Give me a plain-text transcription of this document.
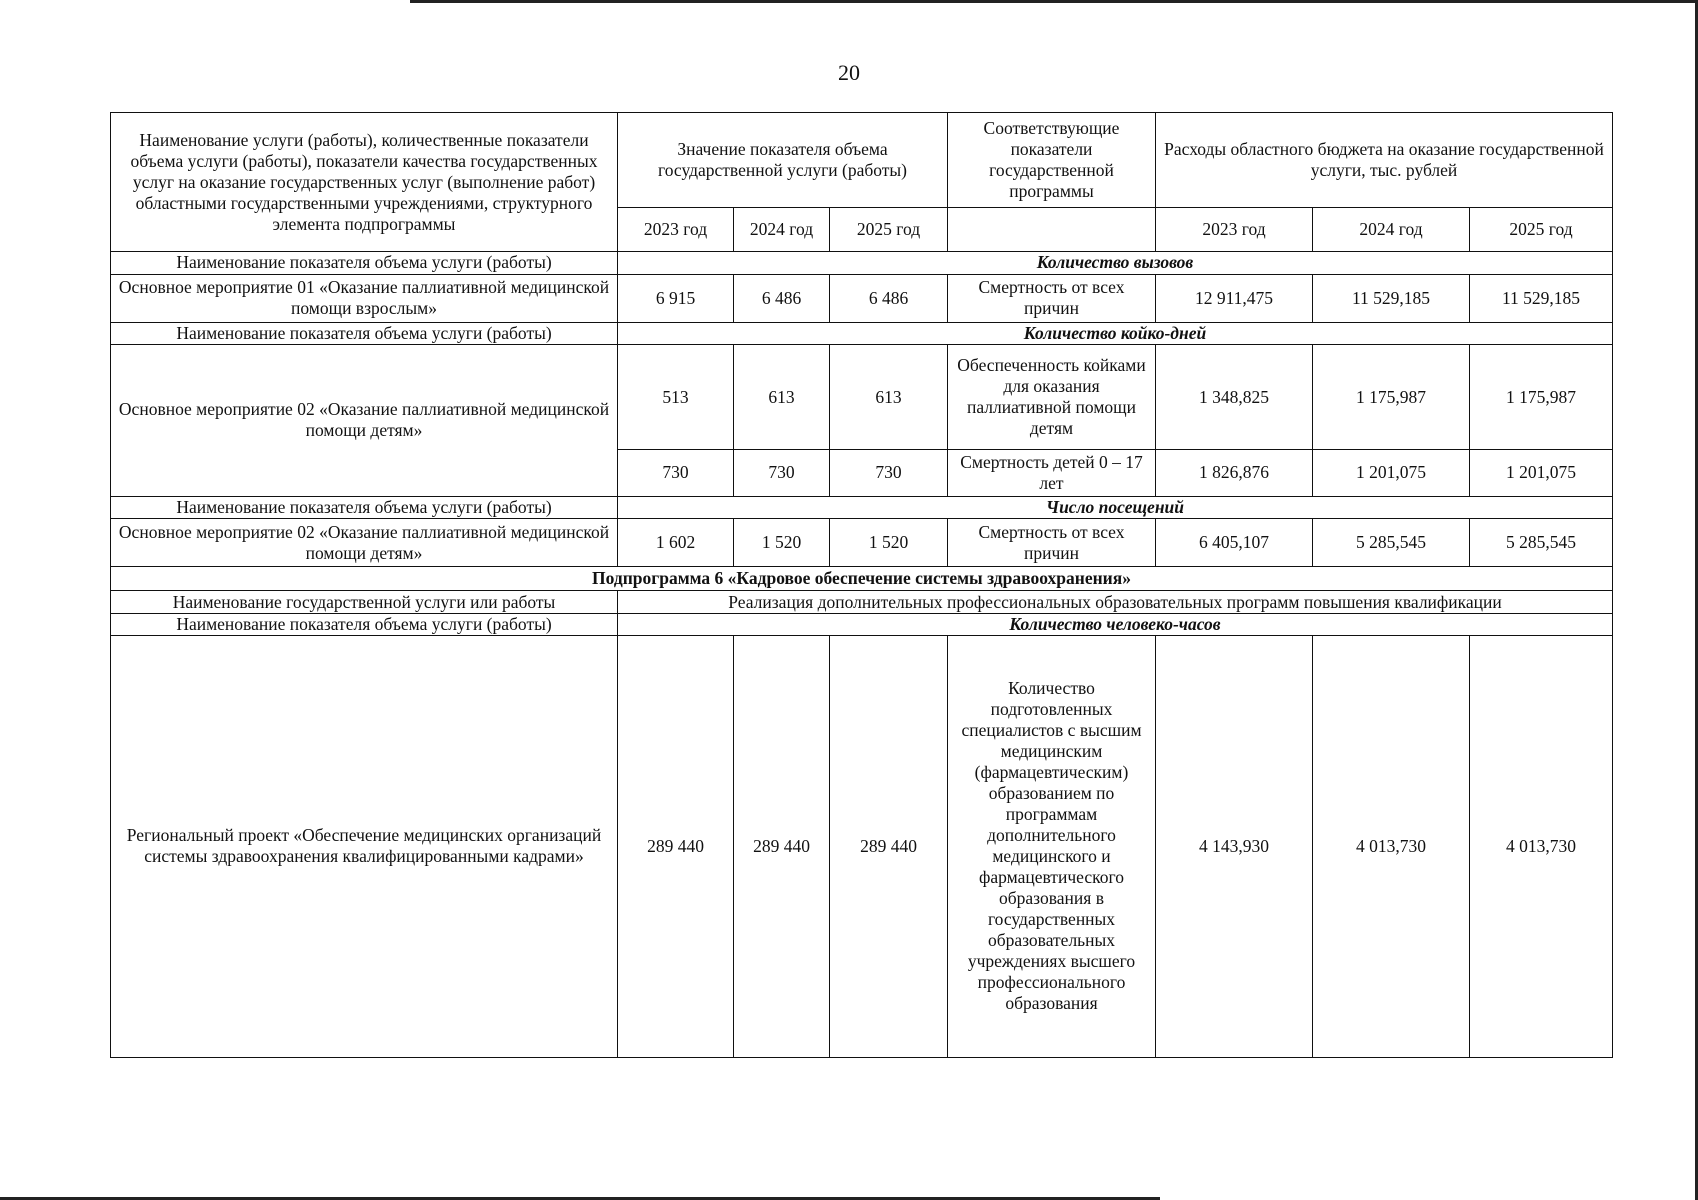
20
Наименование услуги (работы), количественные показатели объема услуги (работы), показатели качества государственных услуг на оказание государственных услуг (выполнение работ) областными государственными учреждениями, структурного элемента подпрограммы	Значение показателя объема государственной услуги (работы)			Соответствующие показатели государственной программы	Расходы областного бюджета на оказание государственной услуги, тыс. рублей		
	2023 год	2024 год	2025 год		2023 год	2024 год	2025 год
Наименование показателя объема услуги (работы)	Количество вызовов						
Основное мероприятие 01 «Оказание паллиативной медицинской помощи взрослым»	6 915	6 486	6 486	Смертность от всех причин	12 911,475	11 529,185	11 529,185
Наименование показателя объема услуги (работы)	Количество койко-дней						
Основное мероприятие 02 «Оказание паллиативной медицинской помощи детям»	513	613	613	Обеспеченность койками для оказания паллиативной помощи детям	1 348,825	1 175,987	1 175,987
	730	730	730	Смертность детей 0 – 17 лет	1 826,876	1 201,075	1 201,075
Наименование показателя объема услуги (работы)	Число посещений						
Основное мероприятие 02 «Оказание паллиативной медицинской помощи детям»	1 602	1 520	1 520	Смертность от всех причин	6 405,107	5 285,545	5 285,545
Подпрограмма 6 «Кадровое обеспечение системы здравоохранения»							
Наименование государственной услуги или работы	Реализация дополнительных профессиональных образовательных программ повышения квалификации						
Наименование показателя объема услуги (работы)	Количество человеко-часов						
Региональный проект «Обеспечение медицинских организаций системы здравоохранения квалифицированными кадрами»	289 440	289 440	289 440	Количество подготовленных специалистов с высшим медицинским (фармацевтическим) образованием по программам дополнительного медицинского и фармацевтического образования в государственных образовательных учреждениях высшего профессионального образования	4 143,930	4 013,730	4 013,730
